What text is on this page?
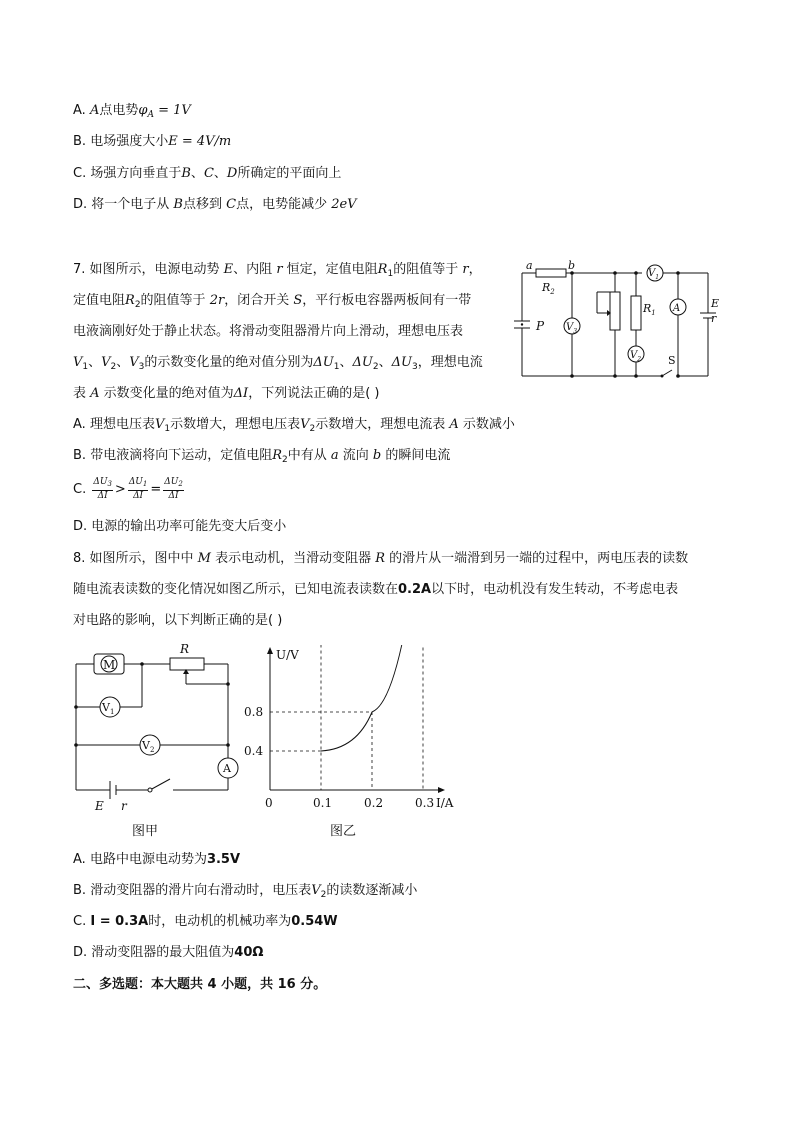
A. A点电势$\varphi_A = 1V$
B. 电场强度大小E = 4V/m
C. 场强方向垂直于B、C、D所确定的平面向上
D. 将一个电子从 B点移到 C点，电势能减少 2eV
7. 如图所示，电源电动势 E、内阻 r 恒定，定值电阻$R_1$的阻值等于 r，
定值电阻$R_2$的阻值等于 2r，闭合开关 S，平行板电容器两板间有一带
电液滴刚好处于静止状态。将滑动变阻器滑片向上滑动，理想电压表
$V_1$、$V_2$、$V_3$的示数变化量的绝对值分别为$\Delta U_1$、$\Delta U_2$、$\Delta U_3$，理想电流
表 A 示数变化量的绝对值为ΔI，下列说法正确的是( )
a	b
$R_2$
$V_1$
$V_3$
$R_1$
$V_2$
A	E
r
P
S
A. 理想电压表$V_1$示数增大，理想电压表$V_2$示数增大，理想电流表 A 示数减小
B. 带电液滴将向下运动，定值电阻$R_2$中有从 a 流向 b 的瞬间电流
C. $\frac{\Delta U_3}{\Delta I} > \frac{\Delta U_1}{\Delta I} = \frac{\Delta U_2}{\Delta I}$
D. 电源的输出功率可能先变大后变小
8. 如图所示，图中中 M 表示电动机，当滑动变阻器 R 的滑片从一端滑到另一端的过程中，两电压表的读数
随电流表读数的变化情况如图乙所示，已知电流表读数在0.2A以下时，电动机没有发生转动，不考虑电表
对电路的影响，以下判断正确的是( )
M
R
$V_1$
$V_2$
A
E r
图甲
U/V
I/A
0
0.8
0.4
0.1	0.2	0.3
图乙
A. 电路中电源电动势为3.5V
B. 滑动变阻器的滑片向右滑动时，电压表$V_2$的读数逐渐减小
C. I = 0.3A时，电动机的机械功率为0.54W
D. 滑动变阻器的最大阻值为40Ω
二、多选题：本大题共 4 小题，共 16 分。
